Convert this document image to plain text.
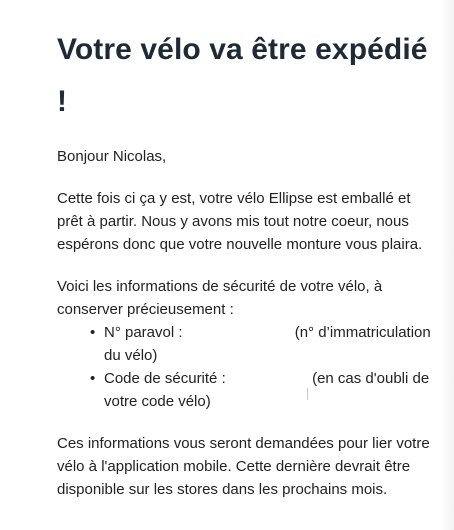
Votre vélo va être expédié !

Bonjour Nicolas,

Cette fois ci ça y est, votre vélo Ellipse est emballé et prêt à partir. Nous y avons mis tout notre coeur, nous espérons donc que votre nouvelle monture vous plaira.

Voici les informations de sécurité de votre vélo, à conserver précieusement :

• N° paravol :	(n° d’immatriculation du vélo)
• Code de sécurité :	(en cas d'oubli de votre code vélo)

Ces informations vous seront demandées pour lier votre vélo à l'application mobile. Cette dernière devrait être disponible sur les stores dans les prochains mois.
